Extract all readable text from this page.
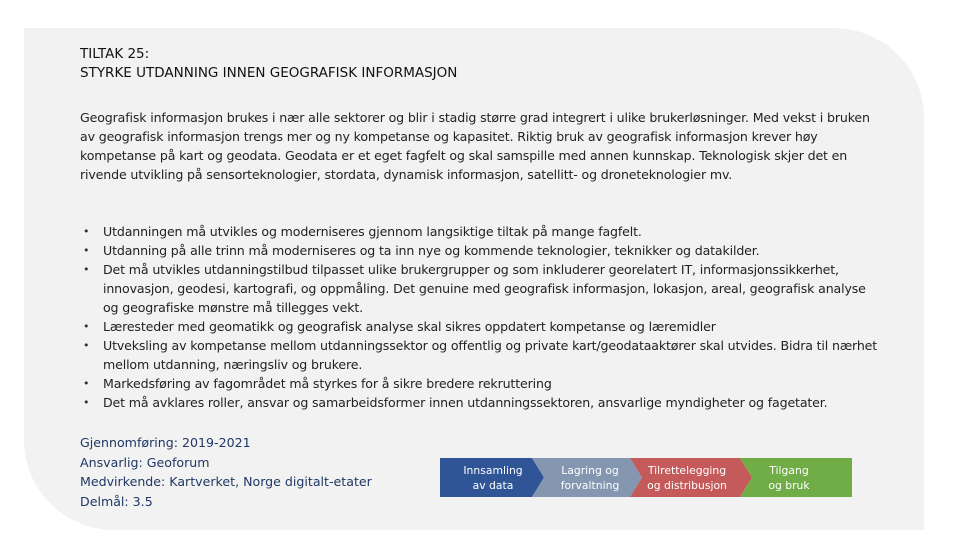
TILTAK 25:
STYRKE UTDANNING INNEN GEOGRAFISK INFORMASJON

Geografisk informasjon brukes i nær alle sektorer og blir i stadig større grad integrert i ulike brukerløsninger. Med vekst i bruken av geografisk informasjon trengs mer og ny kompetanse og kapasitet. Riktig bruk av geografisk informasjon krever høy kompetanse på kart og geodata. Geodata er et eget fagfelt og skal samspille med annen kunnskap. Teknologisk skjer det en rivende utvikling på sensorteknologier, stordata, dynamisk informasjon, satellitt- og droneteknologier mv.

• Utdanningen må utvikles og moderniseres gjennom langsiktige tiltak på mange fagfelt.
• Utdanning på alle trinn må moderniseres og ta inn nye og kommende teknologier, teknikker og datakilder.
• Det må utvikles utdanningstilbud tilpasset ulike brukergrupper og som inkluderer georelatert IT, informasjonssikkerhet, innovasjon, geodesi, kartografi, og oppmåling. Det genuine med geografisk informasjon, lokasjon, areal, geografisk analyse og geografiske mønstre må tillegges vekt.
• Læresteder med geomatikk og geografisk analyse skal sikres oppdatert kompetanse og læremidler
• Utveksling av kompetanse mellom utdanningssektor og offentlig og private kart/geodataaktører skal utvides. Bidra til nærhet mellom utdanning, næringsliv og brukere.
• Markedsføring av fagområdet må styrkes for å sikre bredere rekruttering
• Det må avklares roller, ansvar og samarbeidsformer innen utdanningssektoren, ansvarlige myndigheter og fagetater.
Gjennomføring: 2019-2021
Ansvarlig: Geoforum
Medvirkende: Kartverket, Norge digitalt-etater
Delmål: 3.5
Innsamling
av data
Lagring og
forvaltning
Tilrettelegging
og distribusjon
Tilgang
og bruk
